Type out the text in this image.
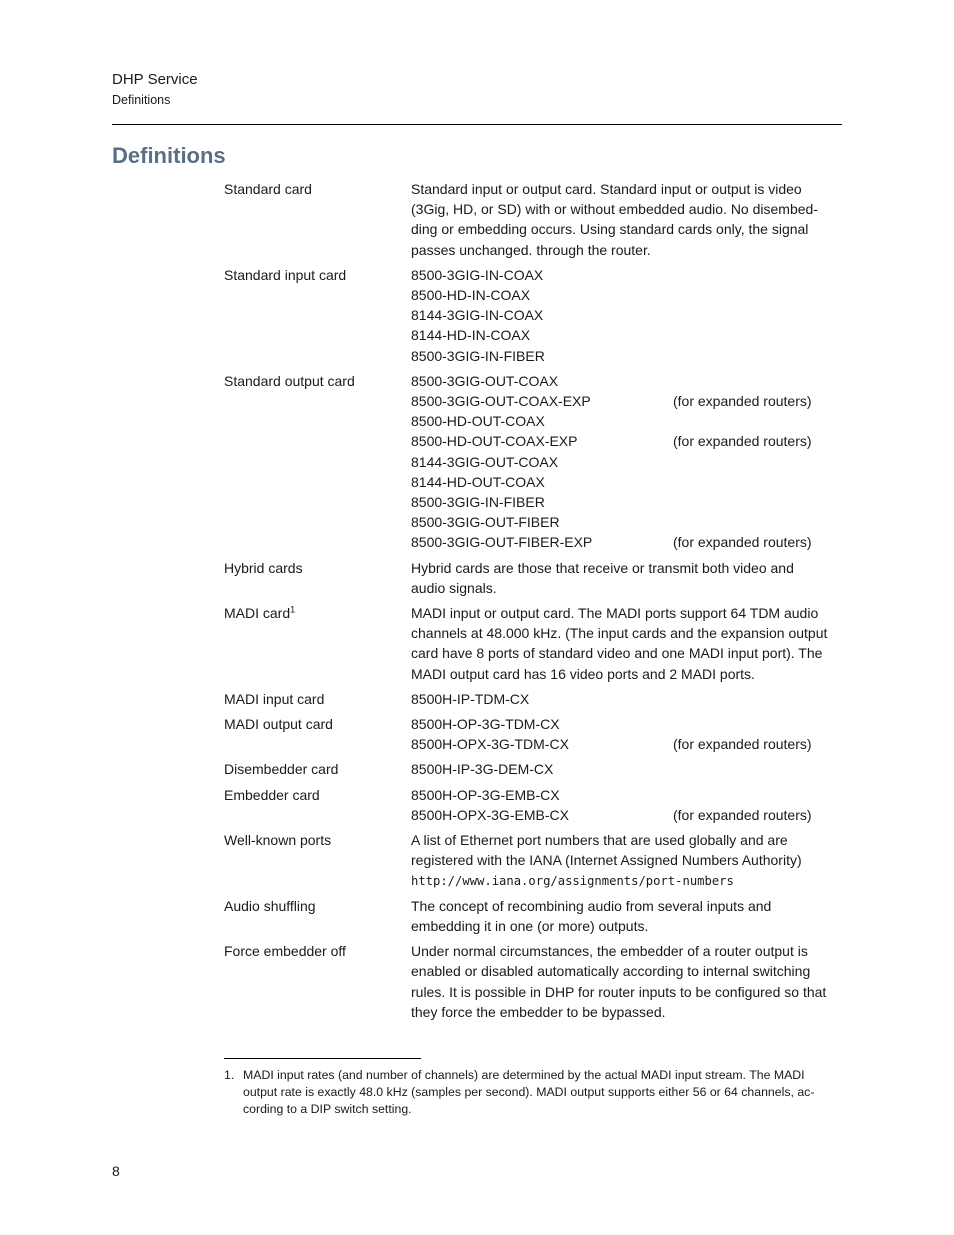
DHP Service
Definitions
Definitions
Standard card	Standard input or output card. Standard input or output is video
(3Gig, HD, or SD) with or without embedded audio. No disembed-
ding or embedding occurs. Using standard cards only, the signal
passes unchanged. through the router.
Standard input card	8500-3GIG-IN-COAX
8500-HD-IN-COAX
8144-3GIG-IN-COAX
8144-HD-IN-COAX
8500-3GIG-IN-FIBER
Standard output card	8500-3GIG-OUT-COAX
8500-3GIG-OUT-COAX-EXP	(for expanded routers)
8500-HD-OUT-COAX
8500-HD-OUT-COAX-EXP	(for expanded routers)
8144-3GIG-OUT-COAX
8144-HD-OUT-COAX
8500-3GIG-IN-FIBER
8500-3GIG-OUT-FIBER
8500-3GIG-OUT-FIBER-EXP	(for expanded routers)
Hybrid cards	Hybrid cards are those that receive or transmit both video and
audio signals.
MADI card$^1$	MADI input or output card. The MADI ports support 64 TDM audio
channels at 48.000 kHz. (The input cards and the expansion output
card have 8 ports of standard video and one MADI input port). The
MADI output card has 16 video ports and 2 MADI ports.
MADI input card	8500H-IP-TDM-CX
MADI output card	8500H-OP-3G-TDM-CX
8500H-OPX-3G-TDM-CX	(for expanded routers)
Disembedder card	8500H-IP-3G-DEM-CX
Embedder card	8500H-OP-3G-EMB-CX
8500H-OPX-3G-EMB-CX	(for expanded routers)
Well-known ports	A list of Ethernet port numbers that are used globally and are
registered with the IANA (Internet Assigned Numbers Authority)
http://www.iana.org/assignments/port-numbers
Audio shuffling	The concept of recombining audio from several inputs and
embedding it in one (or more) outputs.
Force embedder off	Under normal circumstances, the embedder of a router output is
enabled or disabled automatically according to internal switching
rules. It is possible in DHP for router inputs to be configured so that
they force the embedder to be bypassed.
1. MADI input rates (and number of channels) are determined by the actual MADI input stream. The MADI
output rate is exactly 48.0 kHz (samples per second). MADI output supports either 56 or 64 channels, ac-
cording to a DIP switch setting.
8
